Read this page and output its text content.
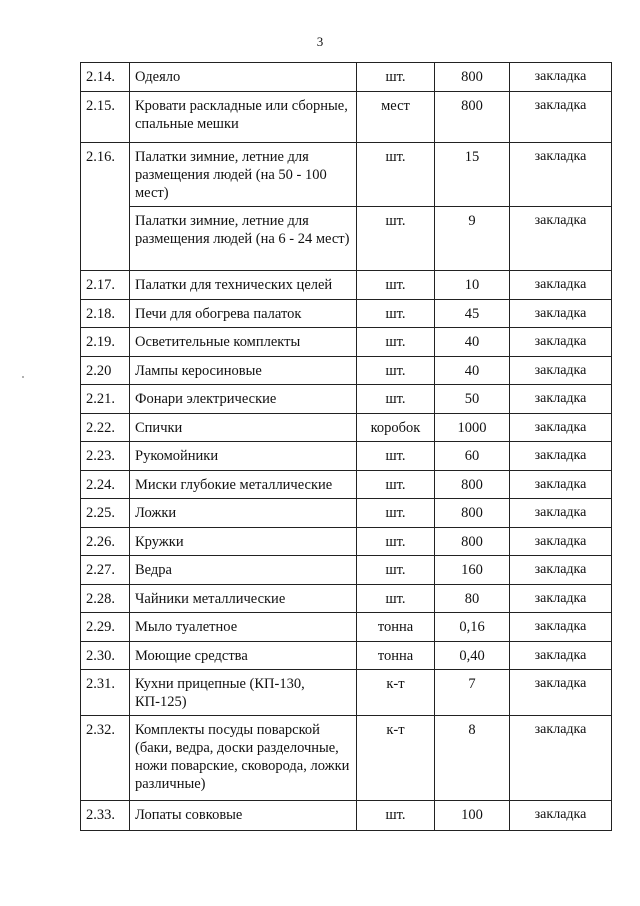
3
2.14.	Одеяло	шт.	800	закладка
2.15.	Кровати раскладные или сборные, спальные мешки	мест	800	закладка
2.16.	Палатки зимние, летние для размещения людей (на 50 - 100 мест)	шт.	15	закладка
	Палатки зимние, летние для размещения людей (на 6 - 24 мест)	шт.	9	закладка
2.17.	Палатки для технических целей	шт.	10	закладка
2.18.	Печи для обогрева палаток	шт.	45	закладка
2.19.	Осветительные комплекты	шт.	40	закладка
2.20	Лампы керосиновые	шт.	40	закладка
2.21.	Фонари электрические	шт.	50	закладка
2.22.	Спички	коробок	1000	закладка
2.23.	Рукомойники	шт.	60	закладка
2.24.	Миски глубокие металлические	шт.	800	закладка
2.25.	Ложки	шт.	800	закладка
2.26.	Кружки	шт.	800	закладка
2.27.	Ведра	шт.	160	закладка
2.28.	Чайники металлические	шт.	80	закладка
2.29.	Мыло туалетное	тонна	0,16	закладка
2.30.	Моющие средства	тонна	0,40	закладка
2.31.	Кухни прицепные (КП-130, КП-125)	к-т	7	закладка
2.32.	Комплекты посуды поварской (баки, ведра, доски разделочные, ножи поварские, сковорода, ложки различные)	к-т	8	закладка
2.33.	Лопаты совковые	шт.	100	закладка
